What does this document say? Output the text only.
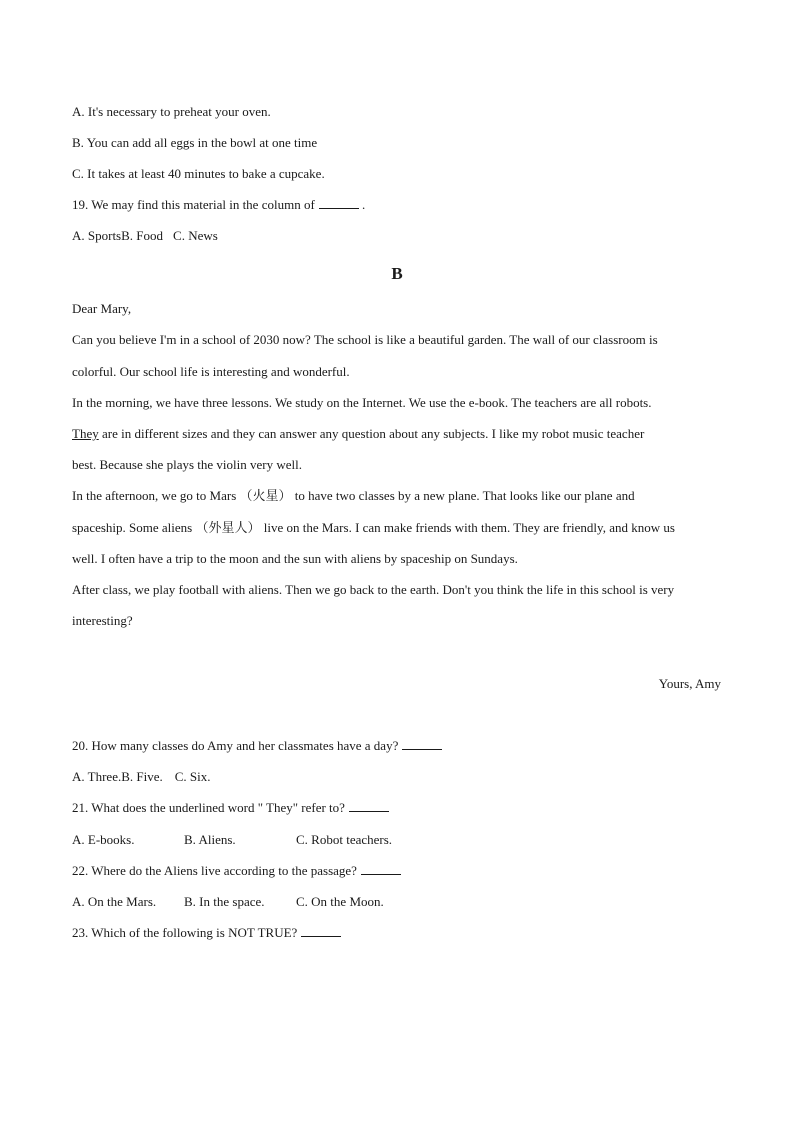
A. It's necessary to preheat your oven.
B. You can add all eggs in the bowl at one time
C. It takes at least 40 minutes to bake a cupcake.
19. We may find this material in the column of	.
A. SportsB. Food C. News
B
Dear Mary,
Can you believe I'm in a school of 2030 now? The school is like a beautiful garden. The wall of our classroom is
colorful. Our school life is interesting and wonderful.
In the morning, we have three lessons. We study on the Internet. We use the e-book. The teachers are all robots.
They are in different sizes and they can answer any question about any subjects. I like my robot music teacher
best. Because she plays the violin very well.
In the afternoon, we go to Mars （火星） to have two classes by a new plane. That looks like our plane and
spaceship. Some aliens （外星人） live on the Mars. I can make friends with them. They are friendly, and know us
well. I often have a trip to the moon and the sun with aliens by spaceship on Sundays.
After class, we play football with aliens. Then we go back to the earth. Don't you think the life in this school is very
interesting?
Yours, Amy
20. How many classes do Amy and her classmates have a day?
A. Three.B. Five. C. Six.
21. What does the underlined word " They" refer to?
A. E-books.	B. Aliens.	C. Robot teachers.
22. Where do the Aliens live according to the passage?
A. On the Mars. B. In the space. C. On the Moon.
23. Which of the following is NOT TRUE?
